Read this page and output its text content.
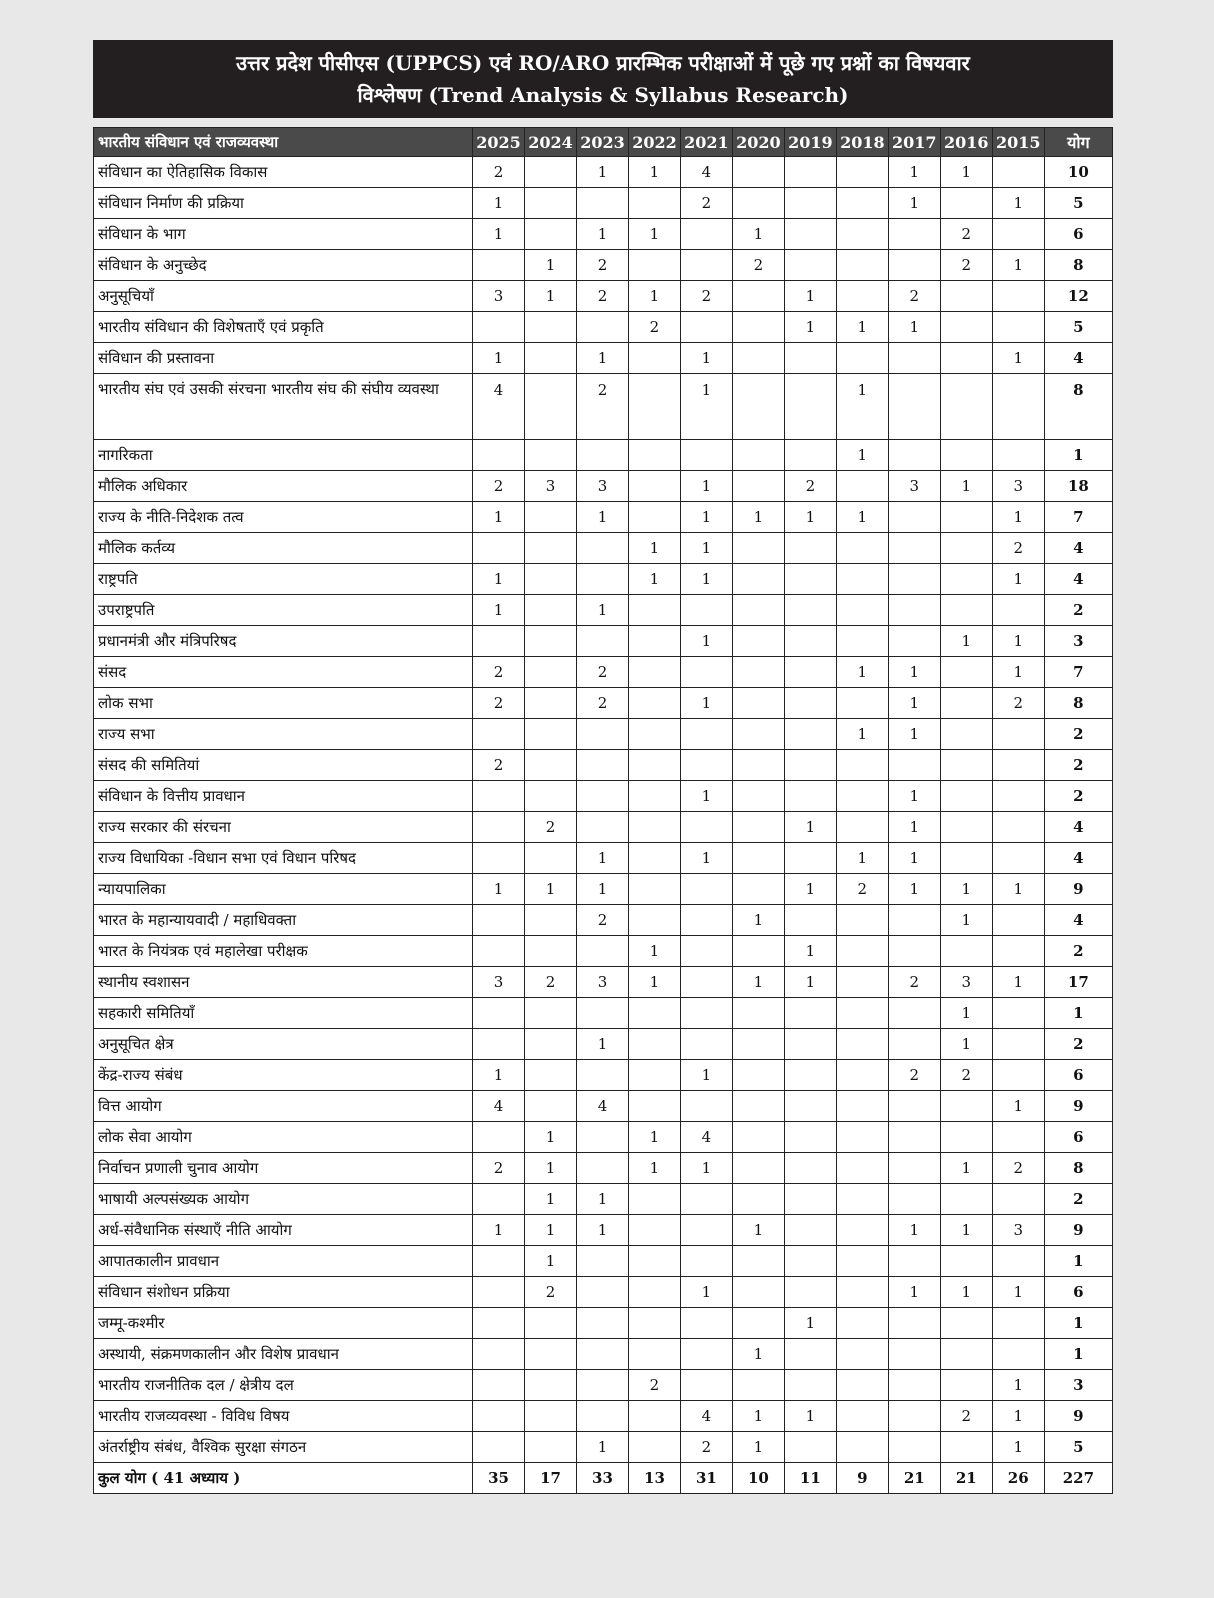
उत्तर प्रदेश पीसीएस (UPPCS) एवं RO/ARO प्रारम्भिक परीक्षाओं में पूछे गए प्रश्नों का विषयवार
विश्लेषण (Trend Analysis & Syllabus Research)
भारतीय संविधान एवं राजव्यवस्था	2025	2024	2023	2022	2021	2020	2019	2018	2017	2016	2015	योग
संविधान का ऐतिहासिक विकास	2		1	1	4				1	1		10
संविधान निर्माण की प्रक्रिया	1				2				1		1	5
संविधान के भाग	1		1	1		1				2		6
संविधान के अनुच्छेद		1	2			2				2	1	8
अनुसूचियाँ	3	1	2	1	2		1		2			12
भारतीय संविधान की विशेषताएँ एवं प्रकृति				2			1	1	1			5
संविधान की प्रस्तावना	1		1		1						1	4
भारतीय संघ एवं उसकी संरचना भारतीय संघ की संघीय व्यवस्था	4		2		1			1				8
नागरिकता								1				1
मौलिक अधिकार	2	3	3		1		2		3	1	3	18
राज्य के नीति-निदेशक तत्व	1		1		1	1	1	1			1	7
मौलिक कर्तव्य				1	1						2	4
राष्ट्रपति	1			1	1						1	4
उपराष्ट्रपति	1		1									2
प्रधानमंत्री और मंत्रिपरिषद					1					1	1	3
संसद	2		2					1	1		1	7
लोक सभा	2		2		1				1		2	8
राज्य सभा								1	1			2
संसद की समितियां	2											2
संविधान के वित्तीय प्रावधान					1				1			2
राज्य सरकार की संरचना		2					1		1			4
राज्य विधायिका -विधान सभा एवं विधान परिषद			1		1			1	1			4
न्यायपालिका	1	1	1				1	2	1	1	1	9
भारत के महान्यायवादी / महाधिवक्ता			2			1				1		4
भारत के नियंत्रक एवं महालेखा परीक्षक				1			1					2
स्थानीय स्वशासन	3	2	3	1		1	1		2	3	1	17
सहकारी समितियाँ										1		1
अनुसूचित क्षेत्र			1							1		2
केंद्र-राज्य संबंध	1				1				2	2		6
वित्त आयोग	4		4								1	9
लोक सेवा आयोग		1		1	4							6
निर्वाचन प्रणाली चुनाव आयोग	2	1		1	1					1	2	8
भाषायी अल्पसंख्यक आयोग		1	1									2
अर्ध-संवैधानिक संस्थाएँ नीति आयोग	1	1	1			1			1	1	3	9
आपातकालीन प्रावधान		1										1
संविधान संशोधन प्रक्रिया		2			1				1	1	1	6
जम्मू-कश्मीर							1					1
अस्थायी, संक्रमणकालीन और विशेष प्रावधान						1						1
भारतीय राजनीतिक दल / क्षेत्रीय दल				2							1	3
भारतीय राजव्यवस्था - विविध विषय					4	1	1			2	1	9
अंतर्राष्ट्रीय संबंध, वैश्विक सुरक्षा संगठन			1		2	1					1	5
कुल योग ( 41 अध्याय )	35	17	33	13	31	10	11	9	21	21	26	227
